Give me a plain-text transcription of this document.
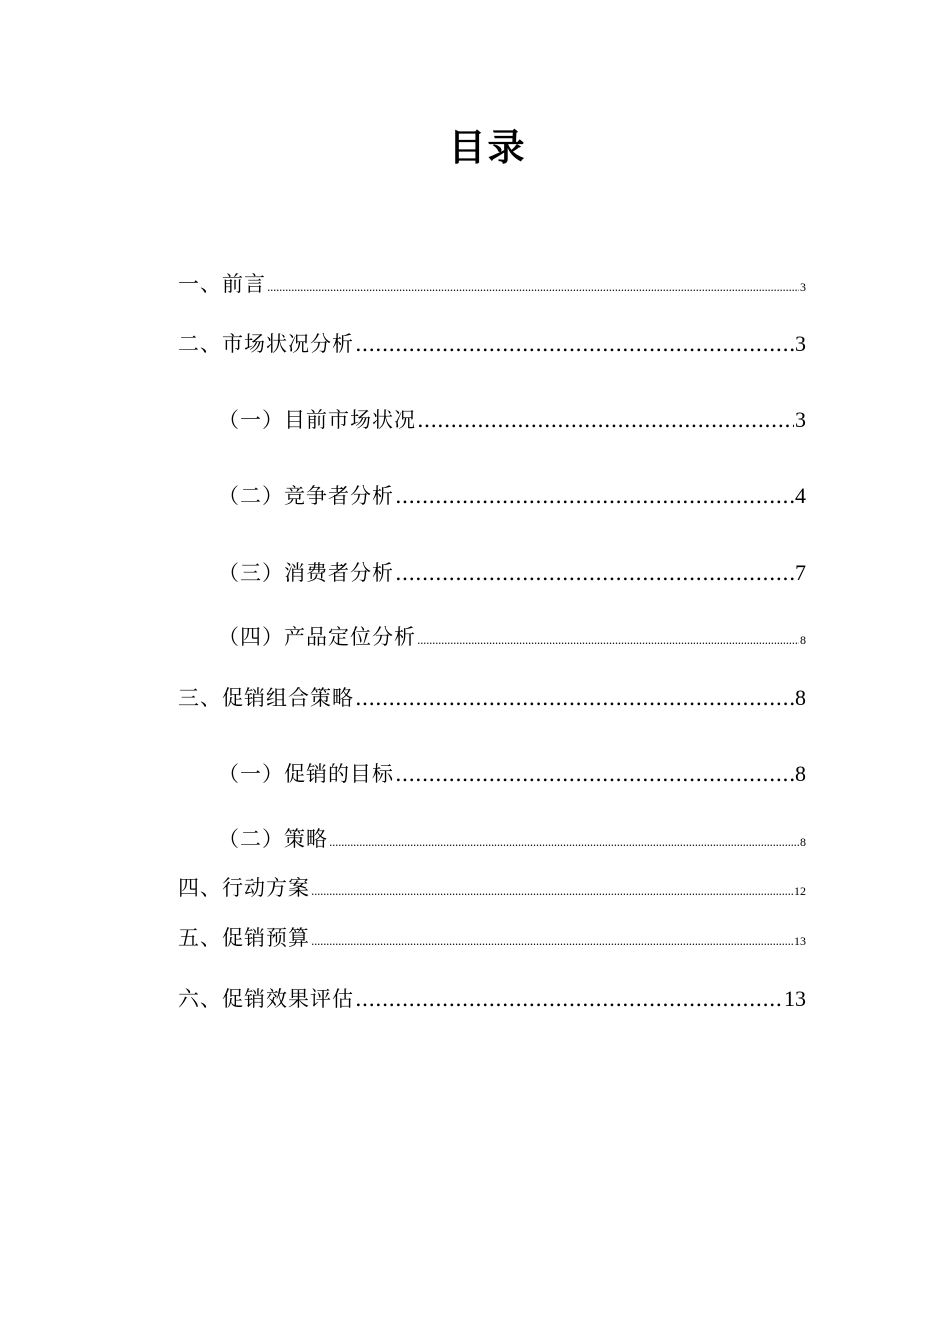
目录
一、前言 .....	3
二、市场状况分析 .....	3
（一）目前市场状况 .....	3
（二）竞争者分析 .....	4
（三）消费者分析 .....	7
（四）产品定位分析 .....	8
三、促销组合策略 .....	8
（一）促销的目标 .....	8
（二）策略 .....	8
四、行动方案 .....	12
五、促销预算 .....	13
六、促销效果评估 .....	13
